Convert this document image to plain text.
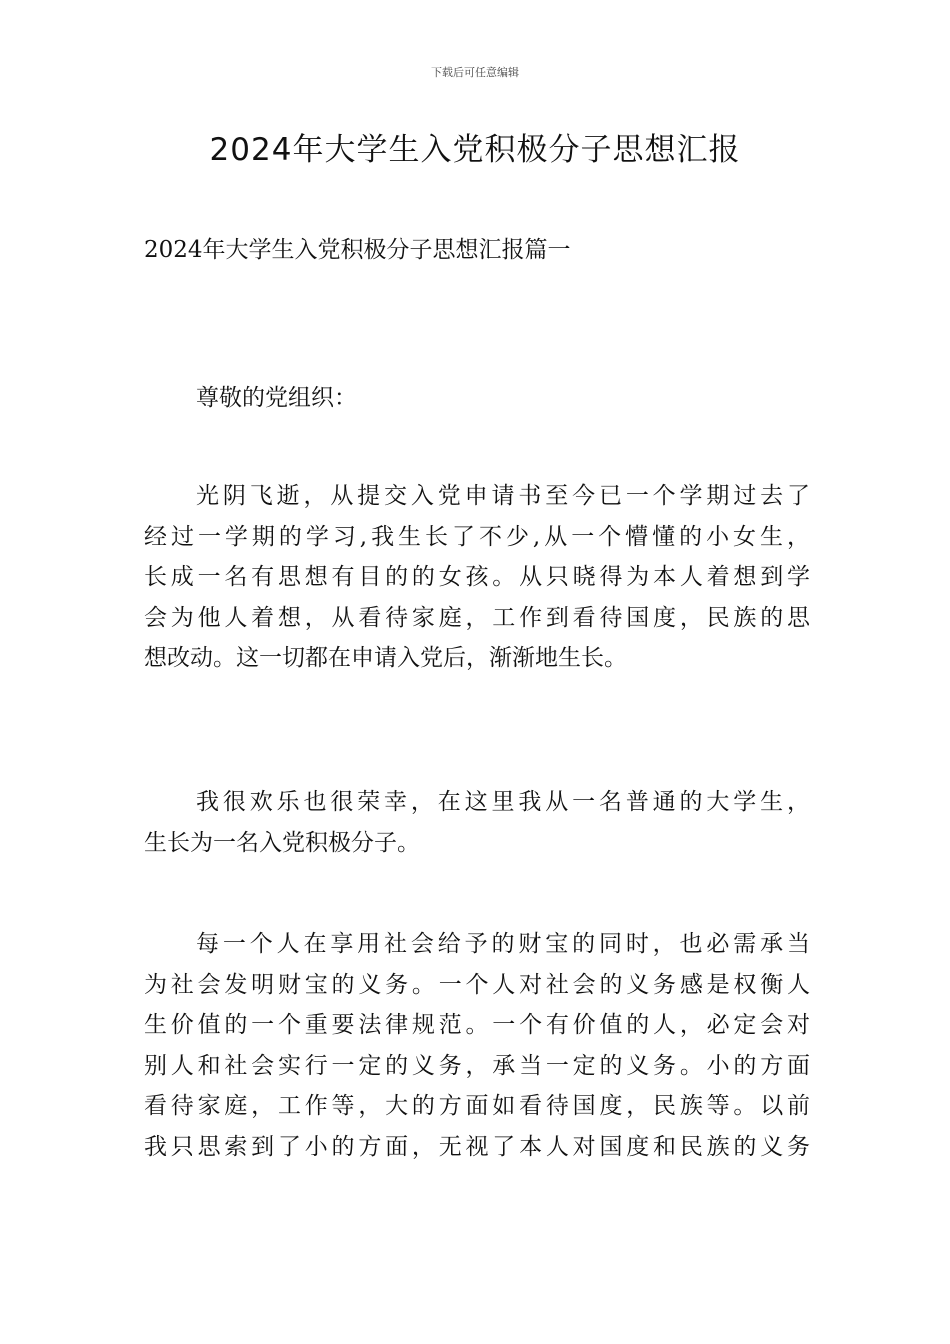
下载后可任意编辑
2024年大学生入党积极分子思想汇报

2024年大学生入党积极分子思想汇报篇一

尊敬的党组织：

光阴飞逝，从提交入党申请书至今已一个学期过去了
经过一学期的学习,我生长了不少,从一个懵懂的小女生，
长成一名有思想有目的的女孩。从只晓得为本人着想到学
会为他人着想，从看待家庭，工作到看待国度，民族的思
想改动。这一切都在申请入党后，渐渐地生长。
我很欢乐也很荣幸，在这里我从一名普通的大学生，
生长为一名入党积极分子。
每一个人在享用社会给予的财宝的同时，也必需承当
为社会发明财宝的义务。一个人对社会的义务感是权衡人
生价值的一个重要法律规范。一个有价值的人，必定会对
别人和社会实行一定的义务，承当一定的义务。小的方面
看待家庭，工作等，大的方面如看待国度，民族等。以前
我只思索到了小的方面，无视了本人对国度和民族的义务
